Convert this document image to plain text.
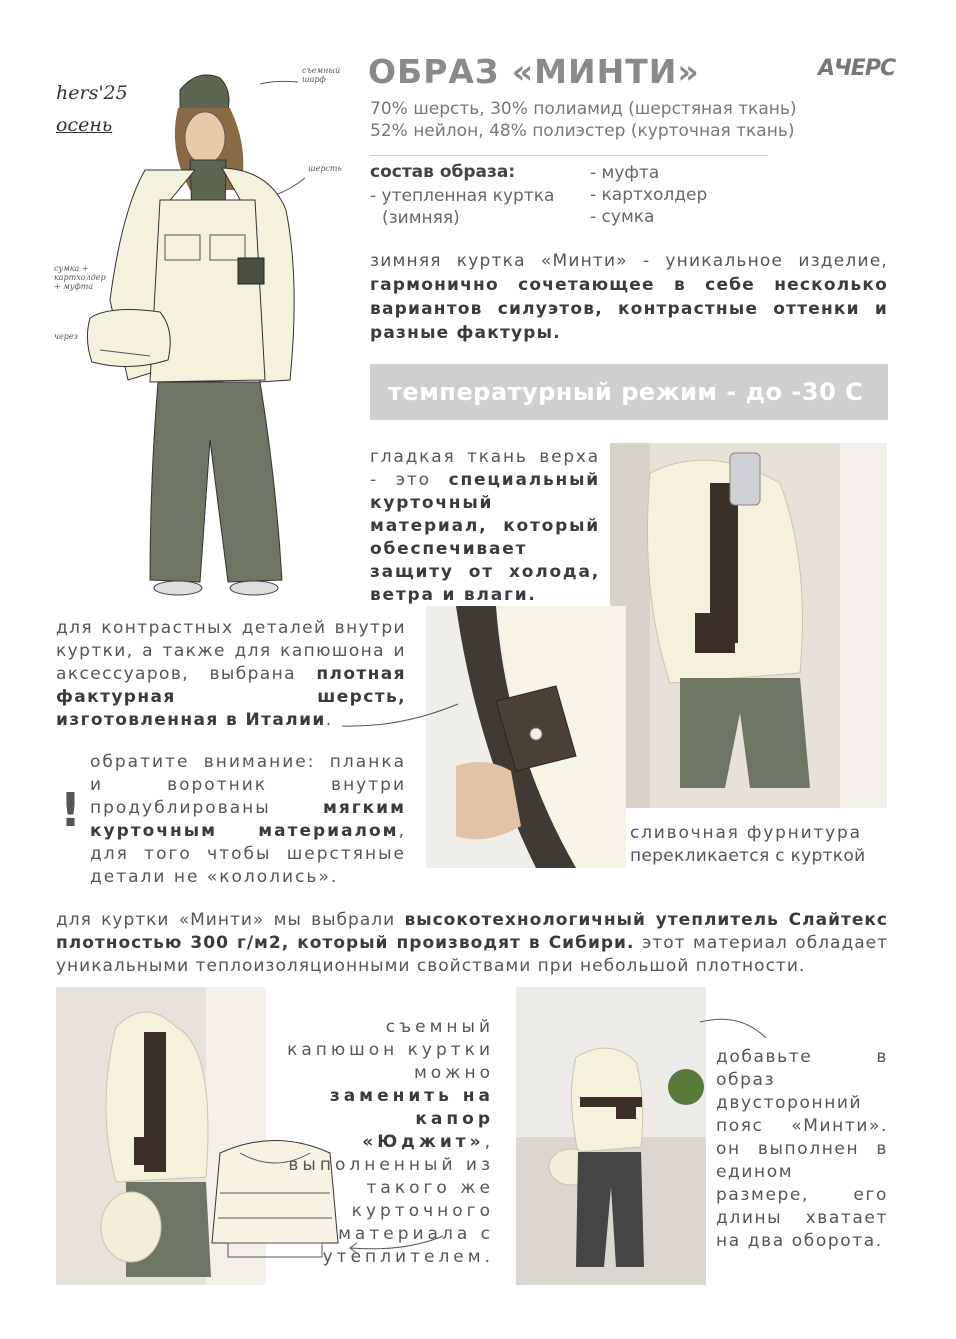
ОБРАЗ «МИНТИ»	АЧЕРС
70% шерсть, 30% полиамид (шерстяная ткань)
52% нейлон, 48% полиэстер (курточная ткань)
состав образа:
- утепленная куртка
(зимняя)
- муфта
- картхолдер
- сумка
зимняя куртка «Минти» - уникальное изделие, гармонично сочетающее в себе несколько вариантов силуэтов, контрастные оттенки и разные фактуры.
температурный режим - до -30 С
hers'25
осень
съемный шарф
шерсть
сумка + картхолдер + муфта
через
гладкая ткань верха - это специальный курточный материал, который обеспечивает защиту от холода, ветра и влаги.
для контрастных деталей внутри куртки, а также для капюшона и аксессуаров, выбрана плотная фактурная шерсть, изготовленная в Италии.
!
обратите внимание: планка и воротник внутри продублированы мягким курточным материалом, для того чтобы шерстяные детали не «кололись».
сливочная фурнитура
перекликается с курткой
для куртки «Минти» мы выбрали высокотехнологичный утеплитель Слайтекс плотностью 300 г/м2, который производят в Сибири. этот материал обладает уникальными теплоизоляционными свойствами при небольшой плотности.
съемный капюшон куртки можно заменить на капор «Юджит», выполненный из такого же курточного материала с утеплителем.
добавьте в образ двусторонний пояс «Минти». он выполнен в едином размере, его длины хватает на два оборота.
